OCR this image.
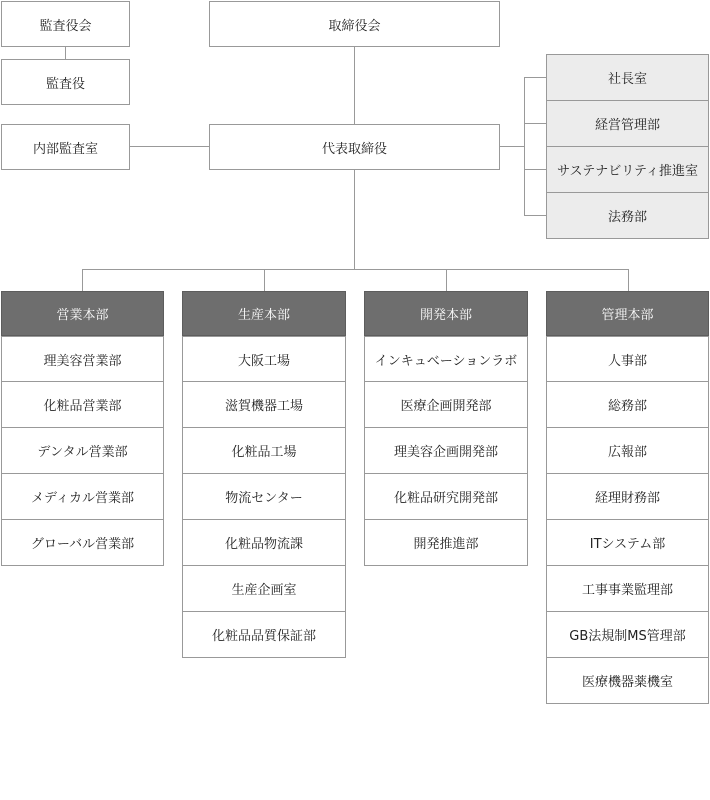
監査役会
監査役
取締役会
内部監査室	代表取締役
社長室
経営管理部
サステナビリティ推進室
法務部
営業本部	生産本部	開発本部	管理本部
理美容営業部
化粧品営業部
デンタル営業部
メディカル営業部
グローバル営業部
大阪工場
滋賀機器工場
化粧品工場
物流センター
化粧品物流課
生産企画室
化粧品品質保証部
インキュベーションラボ
医療企画開発部
理美容企画開発部
化粧品研究開発部
開発推進部
人事部
総務部
広報部
経理財務部
ITシステム部
工事事業監理部
GB法規制MS管理部
医療機器薬機室
